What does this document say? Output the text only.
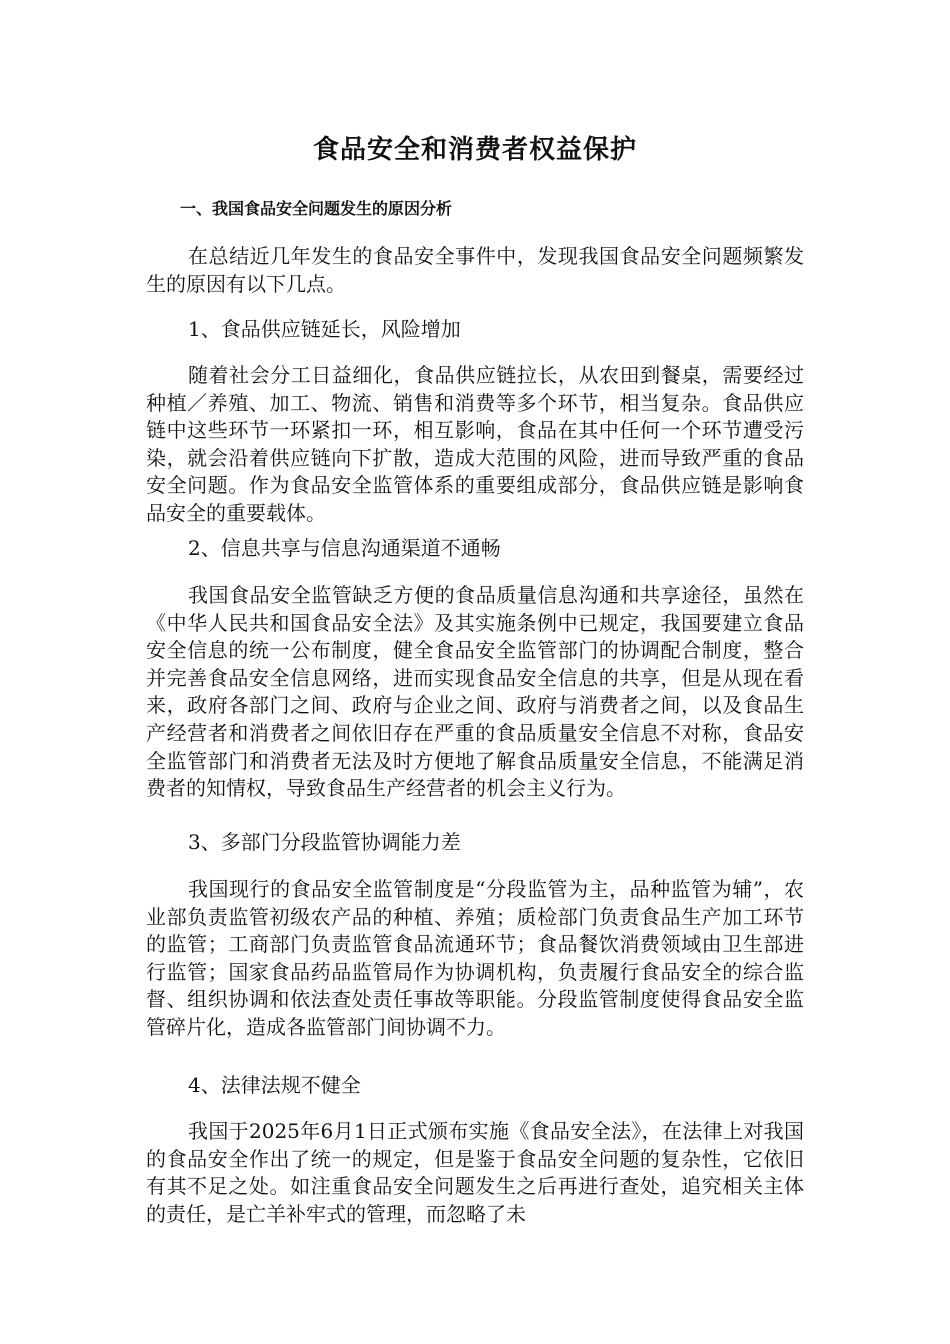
食品安全和消费者权益保护
一、我国食品安全问题发生的原因分析

在总结近几年发生的食品安全事件中，发现我国食品安全问题频繁发生的原因有以下几点。

1、食品供应链延长，风险增加

随着社会分工日益细化，食品供应链拉长，从农田到餐桌，需要经过种植／养殖、加工、物流、销售和消费等多个环节，相当复杂。食品供应链中这些环节一环紧扣一环，相互影响，食品在其中任何一个环节遭受污染，就会沿着供应链向下扩散，造成大范围的风险，进而导致严重的食品安全问题。作为食品安全监管体系的重要组成部分，食品供应链是影响食品安全的重要载体。

2、信息共享与信息沟通渠道不通畅

我国食品安全监管缺乏方便的食品质量信息沟通和共享途径，虽然在《中华人民共和国食品安全法》及其实施条例中已规定，我国要建立食品安全信息的统一公布制度，健全食品安全监管部门的协调配合制度，整合并完善食品安全信息网络，进而实现食品安全信息的共享，但是从现在看来，政府各部门之间、政府与企业之间、政府与消费者之间，以及食品生产经营者和消费者之间依旧存在严重的食品质量安全信息不对称，食品安全监管部门和消费者无法及时方便地了解食品质量安全信息，不能满足消费者的知情权，导致食品生产经营者的机会主义行为。

3、多部门分段监管协调能力差

我国现行的食品安全监管制度是“分段监管为主，品种监管为辅”，农业部负责监管初级农产品的种植、养殖；质检部门负责食品生产加工环节的监管；工商部门负责监管食品流通环节；食品餐饮消费领域由卫生部进行监管；国家食品药品监管局作为协调机构，负责履行食品安全的综合监督、组织协调和依法查处责任事故等职能。分段监管制度使得食品安全监管碎片化，造成各监管部门间协调不力。

4、法律法规不健全

我国于2025年6月1日正式颁布实施《食品安全法》，在法律上对我国的食品安全作出了统一的规定，但是鉴于食品安全问题的复杂性，它依旧有其不足之处。如注重食品安全问题发生之后再进行查处，追究相关主体的责任，是亡羊补牢式的管理，而忽略了未
